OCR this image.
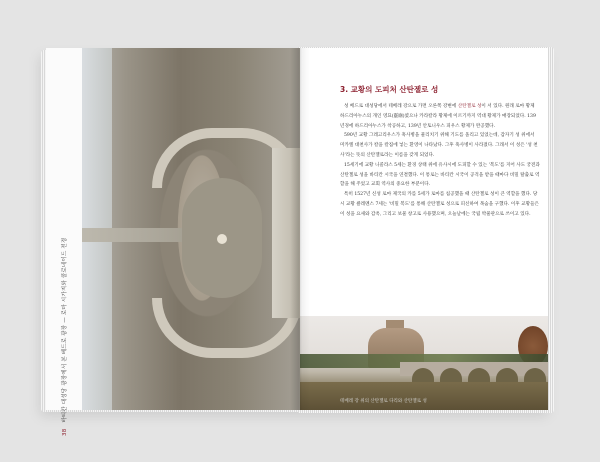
38 바티칸 대성당 광장에서 본 베드로 광장 — 로마 시가지와 콜로네이드 전경
3. 교황의 도피처 산탄젤로 성

성 베드로 대성당에서 테베레 강으로 가면 오른쪽 강변에 산탄젤로 성이 서 있다. 원래 로마 황제 하드리아누스의 개인 영묘(靈廟)였으나 카라칼라 황제에 이르기까지 역대 황제가 매장되었다. 139년경에 하드리아누스가 착공하고, 139년 안토니우스 피우스 황제가 완공했다.

590년 교황 그레고리우스가 흑사병을 물리치기 위해 기도를 올리고 있었는데, 갑자기 성 위에서 미카엘 대천사가 칼을 칼집에 넣는 환영이 나타났다. 그후 흑사병이 사라졌다. 그래서 이 성은 '성 천사'라는 뜻의 산탄젤로라는 이름을 갖게 되었다.

15세기에 교황 니콜라스 5세는 환경 상태 위에 유사시에 도피할 수 있는 '복도'를 지어 사도 궁전과 산탄젤로 성을 바티칸 시국을 연결했다. 이 통로는 바티칸 시국이 공격을 받을 때마다 비밀 탈출로 역할을 해 주었고 교회 역사의 중요한 부분이다.

특히 1527년 신성 로마 제국의 카를 5세가 로마를 침공했을 때 산탄젤로 성이 큰 역할을 했다. 당시 교황 클레멘스 7세는 '비밀 복도'를 통해 산탄젤로 성으로 피신하여 목숨을 구했다. 이후 교황들은 이 성을 요새와 감옥, 그리고 보물 창고로 사용했으며, 오늘날에는 국립 박물관으로 쓰이고 있다.

테베레 강 위의 산탄젤로 다리와 산탄젤로 성
